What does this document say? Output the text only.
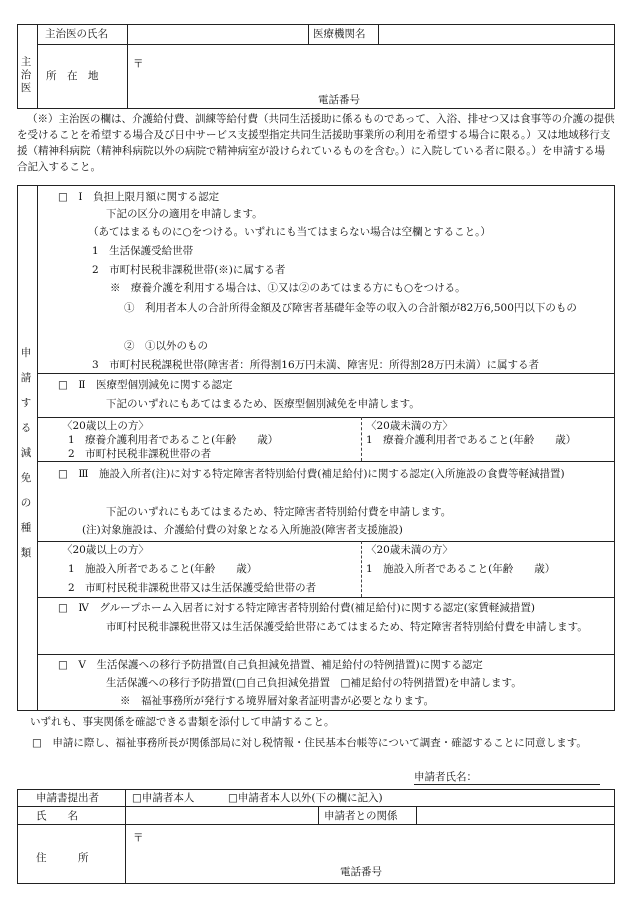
主
治
医
主治医の氏名	医療機関名
所　在　地
〒
電話番号
（※）主治医の欄は、介護給付費、訓練等給付費（共同生活援助に係るものであって、入浴、排せつ又は食事等の介護の提供を受けることを希望する場合及び日中サービス支援型指定共同生活援助事業所の利用を希望する場合に限る。）又は地域移行支援（精神科病院（精神科病院以外の病院で精神病室が設けられているものを含む。）に入院している者に限る。）を申請する場合記入すること。
申
請
す
る
減
免
の
種
類
□　Ⅰ　負担上限月額に関する認定
下記の区分の適用を申請します。
（あてはまるものに○をつける。いずれにも当てはまらない場合は空欄とすること。）
1　生活保護受給世帯
2　市町村民税非課税世帯(※)に属する者
※　療養介護を利用する場合は、①又は②のあてはまる方にも○をつける。
①　利用者本人の合計所得金額及び障害者基礎年金等の収入の合計額が82万6,500円以下のもの
②　①以外のもの
3　市町村民税課税世帯(障害者：所得割16万円未満、障害児：所得割28万円未満）に属する者
□　Ⅱ　医療型個別減免に関する認定
下記のいずれにもあてはまるため、医療型個別減免を申請します。
〈20歳以上の方〉
1　療養介護利用者であること(年齢　　歳）
2　市町村民税非課税世帯の者
〈20歳未満の方〉
1　療養介護利用者であること(年齢　　歳）
□　Ⅲ　施設入所者(注)に対する特定障害者特別給付費(補足給付)に関する認定(入所施設の食費等軽減措置)
下記のいずれにもあてはまるため、特定障害者特別給付費を申請します。
(注)対象施設は、介護給付費の対象となる入所施設(障害者支援施設)
〈20歳以上の方〉
1　施設入所者であること(年齢　　歳）
2　市町村民税非課税世帯又は生活保護受給世帯の者
〈20歳未満の方〉
1　施設入所者であること(年齢　　歳）
□　Ⅳ　グループホーム入居者に対する特定障害者特別給付費(補足給付)に関する認定(家賃軽減措置)
市町村民税非課税世帯又は生活保護受給世帯にあてはまるため、特定障害者特別給付費を申請します。
□　Ⅴ　生活保護への移行予防措置(自己負担減免措置、補足給付の特例措置)に関する認定
生活保護への移行予防措置(□自己負担減免措置　□補足給付の特例措置)を申請します。
※　福祉事務所が発行する境界層対象者証明書が必要となります。
いずれも、事実関係を確認できる書類を添付して申請すること。
□　申請に際し、福祉事務所長が関係部局に対し税情報・住民基本台帳等について調査・確認することに同意します。
申請者氏名：
申請書提出者	□申請者本人	□申請者本人以外(下の欄に記入)
氏　　名	申請者との関係
住　　　所
〒
電話番号
